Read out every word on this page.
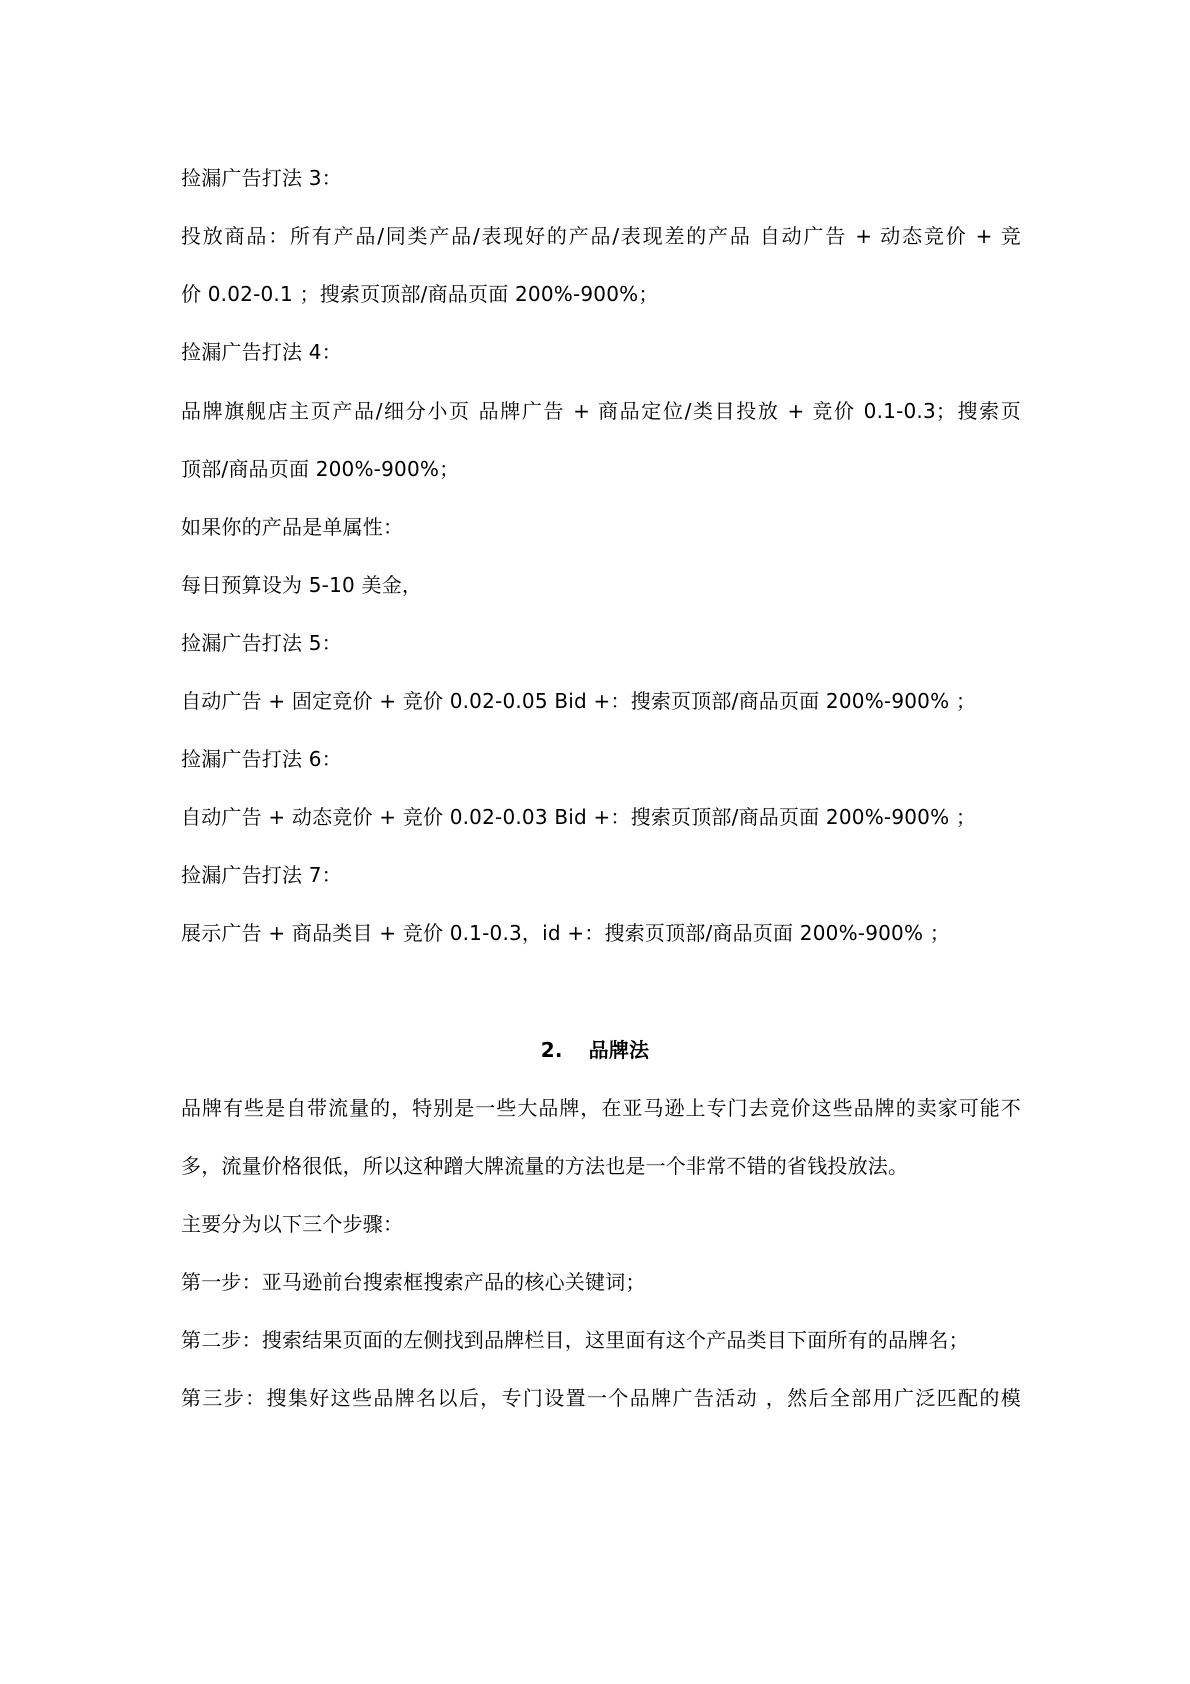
捡漏广告打法 3：
投放商品：所有产品/同类产品/表现好的产品/表现差的产品 自动广告 + 动态竞价 + 竞
价 0.02-0.1 ；搜索页顶部/商品页面 200%-900%；
捡漏广告打法 4：
品牌旗舰店主页产品/细分小页 品牌广告 + 商品定位/类目投放 + 竞价 0.1-0.3；搜索页
顶部/商品页面 200%-900%；
如果你的产品是单属性：
每日预算设为 5-10 美金，
捡漏广告打法 5：
自动广告 + 固定竞价 + 竞价 0.02-0.05 Bid +：搜索页顶部/商品页面 200%-900% ；
捡漏广告打法 6：
自动广告 + 动态竞价 + 竞价 0.02-0.03 Bid +：搜索页顶部/商品页面 200%-900% ；
捡漏广告打法 7：
展示广告 + 商品类目 + 竞价 0.1-0.3，id +：搜索页顶部/商品页面 200%-900% ；
2. 品牌法
品牌有些是自带流量的，特别是一些大品牌，在亚马逊上专门去竞价这些品牌的卖家可能不
多，流量价格很低，所以这种蹭大牌流量的方法也是一个非常不错的省钱投放法。
主要分为以下三个步骤：
第一步：亚马逊前台搜索框搜索产品的核心关键词；
第二步：搜索结果页面的左侧找到品牌栏目，这里面有这个产品类目下面所有的品牌名；
第三步：搜集好这些品牌名以后，专门设置一个品牌广告活动 ，然后全部用广泛匹配的模
